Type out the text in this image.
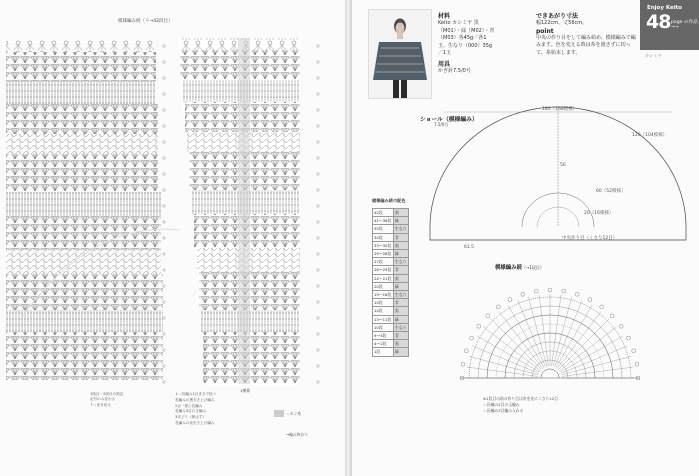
模様編み続（リ→42段目）
1段目〜2段目の指定
記号のみ変わる
↑＝糸を切る
↓＝長編み1目まきで拾う
長編みの裏引き上げ編み
2目一度に長編み
長編み3目の玉編み
3本どり（伸ばす）
長編みの表引き上げ編み
＝カン糸
→編み終わり
1模様
材料
Keito カシミヤ 黒（M01）・緑（M02）・青（M03）各45g／各1玉、生なり（000）35g／1玉
用具
かぎ針7.5/0号
できあがり寸法
幅122cm、丈56cm。
point
中央の作り目をして編み始め、模様編みで編みます。色を変える時は糸を渡さずに切って、糸始末します。
Enjoy Keito
48 page の作品→→
カシミヤ
ショール（模様編み）
7.5/0号
180（168模様）
120（104模様）
60（52模様）
20（16模様）
56
61.5
中央作り目（くさり12目）
模様編み続の配色
42段	黒
41～36段	緑
35段	生なり
34段	青
33～30段	黒
29～28段	緑
27段	生なり
26～25段	青
24～21段	黒
20段	緑
19～16段	生なり
15段	青
14段	黒
13～11段	緑
10段	生なり
9～5段	青
4～2段	黒
1段	緑
模様編み続（→1段目）
※1段目の前の作り目は糸を先にくさり12目
＝長編み2目の玉編み
＝長編み3目編み入れる
